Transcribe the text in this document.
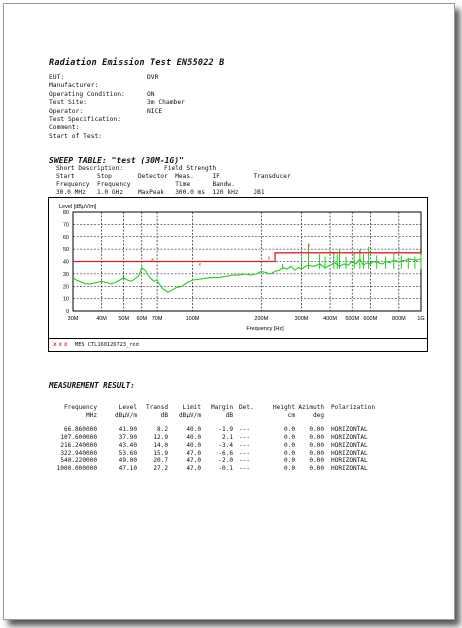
Radiation Emission Test EN55022 B
EUT:	DVR
Manufacturer:
Operating Condition:	ON
Test Site:	3m Chamber
Operator:	NICE
Test Specification:
Comment:
Start of Test:
SWEEP TABLE: "test (30M-1G)"
Short Description:           Field Strength
Start      Stop       Detector  Meas.     IF         Transducer
Frequency  Frequency            Time      Bandw.
30.0 MHz   1.0 GHz    MaxPeak   300.0 ms  120 kHz    JB1
0
10
20
30
40
50
60
70
80
30M	40M 50M 60M 70M	100M	200M	300M	400M 500M 600M	800M 1G
Level [dBµV/m]
Frequency [Hz]
x
x
x
x
x	x
x x x MES CTL160126723_red
MEASUREMENT RESULT:
Frequency	Level	Transd	Limit	Margin	Det.	Height	Azimuth	Polarization
MHz	dBµV/m	dB	dBµV/m	dB		cm	deg	
66.860000	41.90	8.2	40.0	-1.9	---	0.0	0.00	HORIZONTAL
107.600000	37.90	12.9	40.0	2.1	---	0.0	0.00	HORIZONTAL
216.240000	43.40	14.0	40.0	-3.4	---	0.0	0.00	HORIZONTAL
322.940000	53.60	15.9	47.0	-6.6	---	0.0	0.00	HORIZONTAL
540.220000	49.00	20.7	47.0	-2.0	---	0.0	0.00	HORIZONTAL
1000.000000	47.10	27.2	47.0	-0.1	---	0.0	0.00	HORIZONTAL
